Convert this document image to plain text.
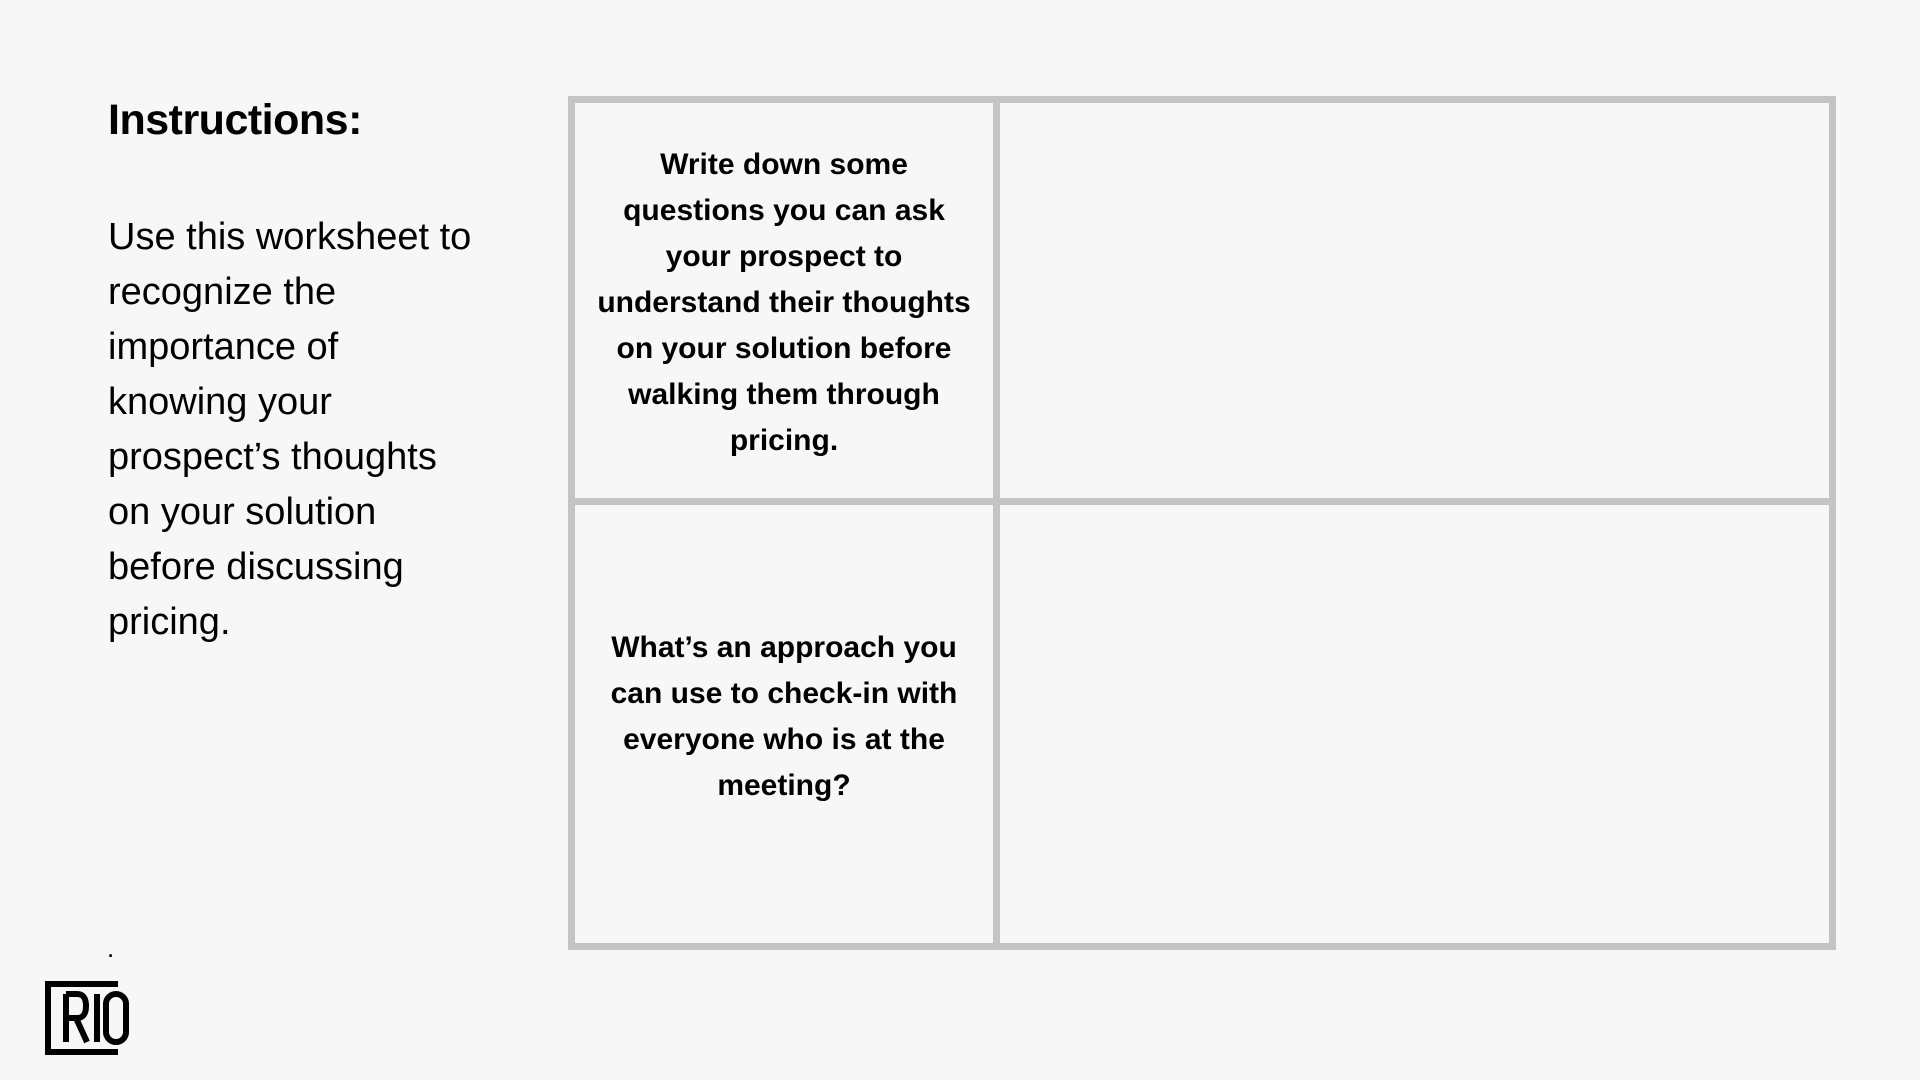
Instructions:

Use this worksheet to recognize the importance of knowing your prospect’s thoughts on your solution before discussing pricing.

.

Write down some questions you can ask your prospect to understand their thoughts on your solution before walking them through pricing.

What’s an approach you can use to check-in with everyone who is at the meeting?
